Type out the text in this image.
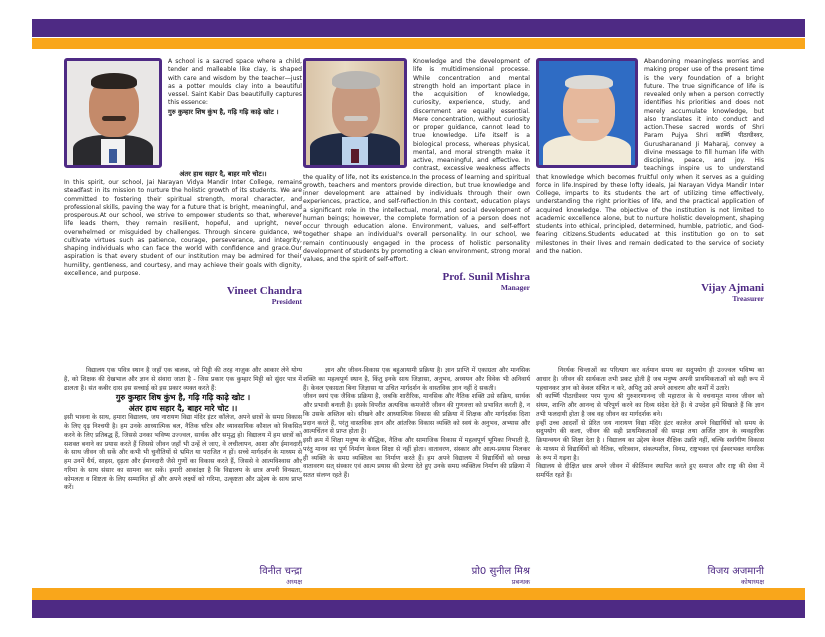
A school is a sacred space where a child, tender and malleable like clay, is shaped with care and wisdom by the teacher—just as a potter moulds clay into a beautiful vessel. Saint Kabir Das beautifully captures this essence:

गुरु कुम्हार शिष कुंभ है, गढ़ि गढ़ि काढ़े खोट ।

अंतर हाथ सहार दै, बाहर मारे चोट।।

In this spirit, our school, Jai Narayan Vidya Mandir Inter College, remains steadfast in its mission to nurture the holistic growth of its students. We are committed to fostering their spiritual strength, moral character, and professional skills, paving the way for a future that is bright, meaningful, and prosperous.At our school, we strive to empower students so that, wherever life leads them, they remain resilient, hopeful, and upright, never overwhelmed or misguided by challenges. Through sincere guidance, we cultivate virtues such as patience, courage, perseverance, and integrity, shaping individuals who can face the world with confidence and grace.Our aspiration is that every student of our institution may be admired for their humility, gentleness, and courtesy, and may achieve their goals with dignity, excellence, and purpose.

Vineet Chandra
President

Knowledge and the development of life is multidimensional processe. While concentration and mental strength hold an important place in the acquisition of knowledge, curiosity, experience, study, and discernment are equally essential. Mere concentration, without curiosity or proper guidance, cannot lead to true knowledge. Life itself is a biological process, whereas physical, mental, and moral strength make it active, meaningful, and effective. In contrast, excessive weakness affects the quality of life, not its existence.In the process of learning and spiritual growth, teachers and mentors provide direction, but true knowledge and inner development are attained by individuals through their own experiences, practice, and self-reflection.In this context, education plays a significant role in the intellectual, moral, and social development of human beings; however, the complete formation of a person does not occur through education alone. Environment, values, and self-effort together shape an individual's overall personality. In our school, we remain continuously engaged in the process of holistic personality development of students by promoting a clean environment, strong moral values, and the spirit of self-effort.

Prof. Sunil Mishra
Manager

Abandoning meaningless worries and making proper use of the present time is the very foundation of a bright future. The true significance of life is revealed only when a person correctly identifies his priorities and does not merely accumulate knowledge, but also translates it into conduct and action.These sacred words of Shri Param Pujya Shri कार्ष्णि पीठाधीश्वर, Gurusharanand Ji Maharaj, convey a divine message to fill human life with discipline, peace, and joy. His teachings inspire us to understand that knowledge which becomes fruitful only when it serves as a guiding force in life.Inspired by these lofty ideals, Jai Narayan Vidya Mandir Inter College, imparts to its students the art of utilizing time effectively, understanding the right priorities of life, and the practical application of acquired knowledge. The objective of the institution is not limited to academic excellence alone, but to nurture holistic development, shaping students into ethical, principled, determined, humble, patriotic, and God-fearing citizens.Students educated at this institution go on to set milestones in their lives and remain dedicated to the service of society and the nation.

Vijay Ajmani
Treasurer

विद्यालय एक पवित्र स्थान है जहाँ एक बालक, जो मिट्टी की तरह नाज़ुक और आकार लेने योग्य है, को शिक्षक की देखभाल और ज्ञान से संवारा जाता है - जिस प्रकार एक कुम्हार मिट्टी को सुंदर पात्र में ढालता है। संत कबीर दास इस सच्चाई को इस प्रकार व्यक्त करते हैं:

गुरु कुम्हार शिष कुंभ है, गढ़ि गढ़ि काढ़े खोट ।

अंतर हाथ सहार दै, बाहर मारे चोट ।।

इसी भावना के साथ, हमारा विद्यालय, जय नारायण विद्या मंदिर इंटर कॉलेज, अपने छात्रों के समग्र विकास के लिए दृढ़ निश्चयी है। हम उनके आध्यात्मिक बल, नैतिक चरित्र और व्यावसायिक कौशल को विकसित करने के लिए प्रतिबद्ध हैं, जिससे उनका भविष्य उज्ज्वल, सार्थक और समृद्ध हो। विद्यालय में हम छात्रों को सशक्त बनाने का प्रयास करते हैं जिससे जीवन जहाँ भी उन्हें ले जाए, वे लचीलापन, आशा और ईमानदारी के साथ जीवन जी सकें और कभी भी चुनौतियों से भ्रमित या पराजित न हों। सच्चे मार्गदर्शन के माध्यम से हम उनमें धैर्य, साहस, दृढ़ता और ईमानदारी जैसे गुणों का विकास करते हैं, जिससे वे आत्मविश्वास और गरिमा के साथ संसार का सामना कर सकें। हमारी आकांक्षा है कि विद्यालय के छात्र अपनी विनम्रता, कोमलता व शिष्टता के लिए सम्मानित हों और अपने लक्ष्यों को गरिमा, उत्कृष्टता और उद्देश्य के साथ प्राप्त करें।

ज्ञान और जीवन-विकास एक बहुआयामी प्रक्रिया है। ज्ञान प्राप्ति में एकाग्रता और मानसिक शक्ति का महत्वपूर्ण स्थान है, किंतु इनके साथ जिज्ञासा, अनुभव, अध्ययन और विवेक भी अनिवार्य हैं। केवल एकाग्रता बिना जिज्ञासा या उचित मार्गदर्शन के वास्तविक ज्ञान नहीं दे सकती।

जीवन स्वयं एक जैविक प्रक्रिया है, जबकि शारीरिक, मानसिक और नैतिक शक्ति उसे सक्रिय, सार्थक और प्रभावी बनाती है। इसके विपरीत अत्यधिक कमजोरी जीवन की गुणवत्ता को प्रभावित करती है, न कि उसके अस्तित्व को। सीखने और आध्यात्मिक विकास की प्रक्रिया में शिक्षक और मार्गदर्शक दिशा प्रदान करते हैं, परंतु वास्तविक ज्ञान और आंतरिक विकास व्यक्ति को स्वयं के अनुभव, अभ्यास और आत्मचिंतन से प्राप्त होता है।

इसी क्रम में शिक्षा मनुष्य के बौद्धिक, नैतिक और सामाजिक विकास में महत्वपूर्ण भूमिका निभाती है, परंतु मानव का पूर्ण निर्माण केवल शिक्षा से नहीं होता। वातावरण, संस्कार और आत्म-प्रयास मिलकर ही व्यक्ति के समग्र व्यक्तित्व का निर्माण करते हैं। हम अपने विद्यालय में विद्यार्थियों को स्वच्छ वातावरण सत् संस्कार एवं आत्म प्रयास की प्रेरणा देते हुए उनके समग्र व्यक्तित्व निर्माण की प्रक्रिया में सतत संलग्न रहते हैं।

निरर्थक चिन्ताओं का परित्याग कर वर्तमान समय का सदुपयोग ही उज्ज्वल भविष्य का आधार है। जीवन की सार्थकता तभी प्रकट होती है जब मनुष्य अपनी प्राथमिकताओं को सही रूप में पहचानकर ज्ञान को केवल संचित न करे, अपितु उसे अपने आचरण और कर्मों में उतारे।

श्री कार्ष्णि पीठाधीश्वर परम पूज्य श्री गुरुशरणानन्द जी महाराज के ये वचनामृत मानव जीवन को संयम, शान्ति और आनन्द से परिपूर्ण करने का दिव्य संदेश देते हैं। ये उपदेश हमें सिखाते हैं कि ज्ञान तभी फलदायी होता है जब वह जीवन का मार्गदर्शक बने।

इन्हीं उच्च आदर्शों से प्रेरित जय नारायण विद्या मंदिर इंटर कालेज अपने विद्यार्थियों को समय के सदुपयोग की कला, जीवन की सही प्राथमिकताओं की समझ तथा अर्जित ज्ञान के व्यवहारिक क्रियान्वयन की शिक्षा देता है । विद्यालय का उद्देश्य केवल शैक्षिक उन्नति नहीं, बल्कि सर्वांगीण विकास के माध्यम से विद्यार्थियों को नैतिक, चरित्रवान, संकल्पशील, विनम्र, राष्ट्रभक्त एवं ईश्वरभक्त नागरिक के रूप में गढ़ना है।

विद्यालय से दीक्षित छात्र अपने जीवन में कीर्तिमान स्थापित करते हुए समाज और राष्ट्र की सेवा में समर्पित रहते हैं।

विनीत चन्द्रा
अध्यक्ष
प्रो0 सुनील मिश्र
प्रबन्धक
विजय अजमानी
कोषाध्यक्ष
